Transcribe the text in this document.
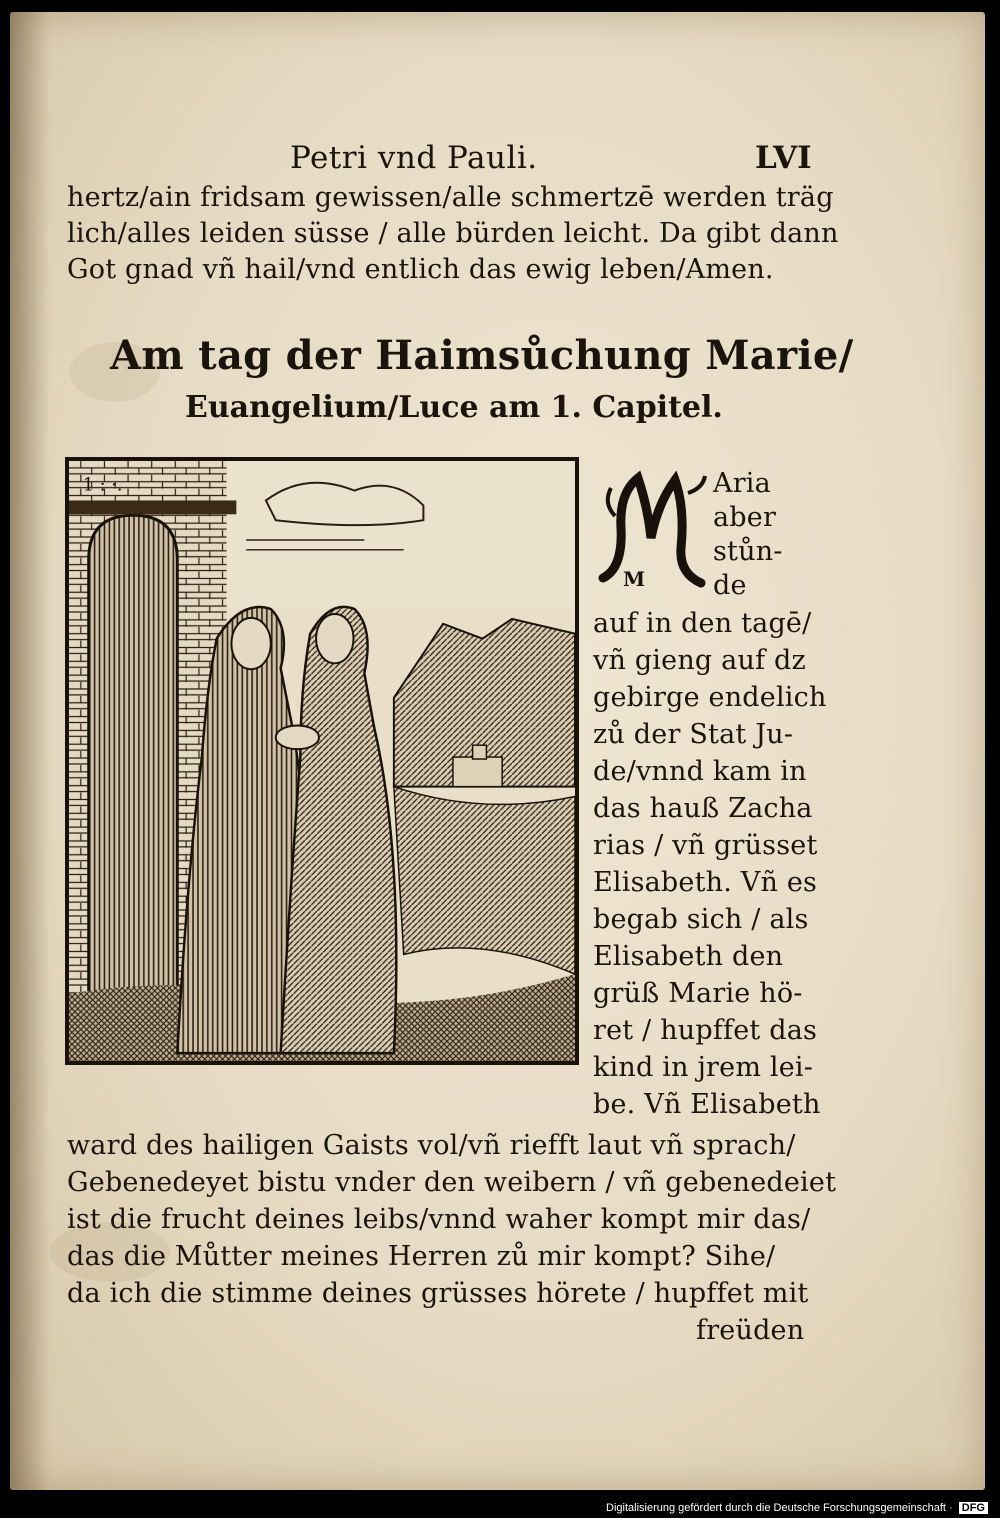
Petri vnd Pauli.	LVI
hertz/ain fridsam gewissen/alle schmertzē werden träg
lich/alles leiden süsse / alle bürden leicht. Da gibt dann
Got gnad vñ hail/vnd entlich das ewig leben/Amen.
Am tag der Haimsůchung Marie/
Euangelium/Luce am 1. Capitel.
1 : ·.
M
Aria
aber
stůn-
de
auf in den tagē/
vñ gieng auf dz
gebirge endelich
zů der Stat Ju-
de/vnnd kam in
das hauß Zacha
rias / vñ grüsset
Elisabeth. Vñ es
begab sich / als
Elisabeth den
grüß Marie hö-
ret / hupffet das
kind in jrem lei-
be. Vñ Elisabeth
ward des hailigen Gaists vol/vñ riefft laut vñ sprach/
Gebenedeyet bistu vnder den weibern / vñ gebenedeiet
ist die frucht deines leibs/vnnd waher kompt mir das/
das die Můtter meines Herren zů mir kompt? Sihe/
da ich die stimme deines grüsses hörete / hupffet mit
freüden
Digitalisierung gefördert durch die Deutsche Forschungsgemeinschaft · DFG
